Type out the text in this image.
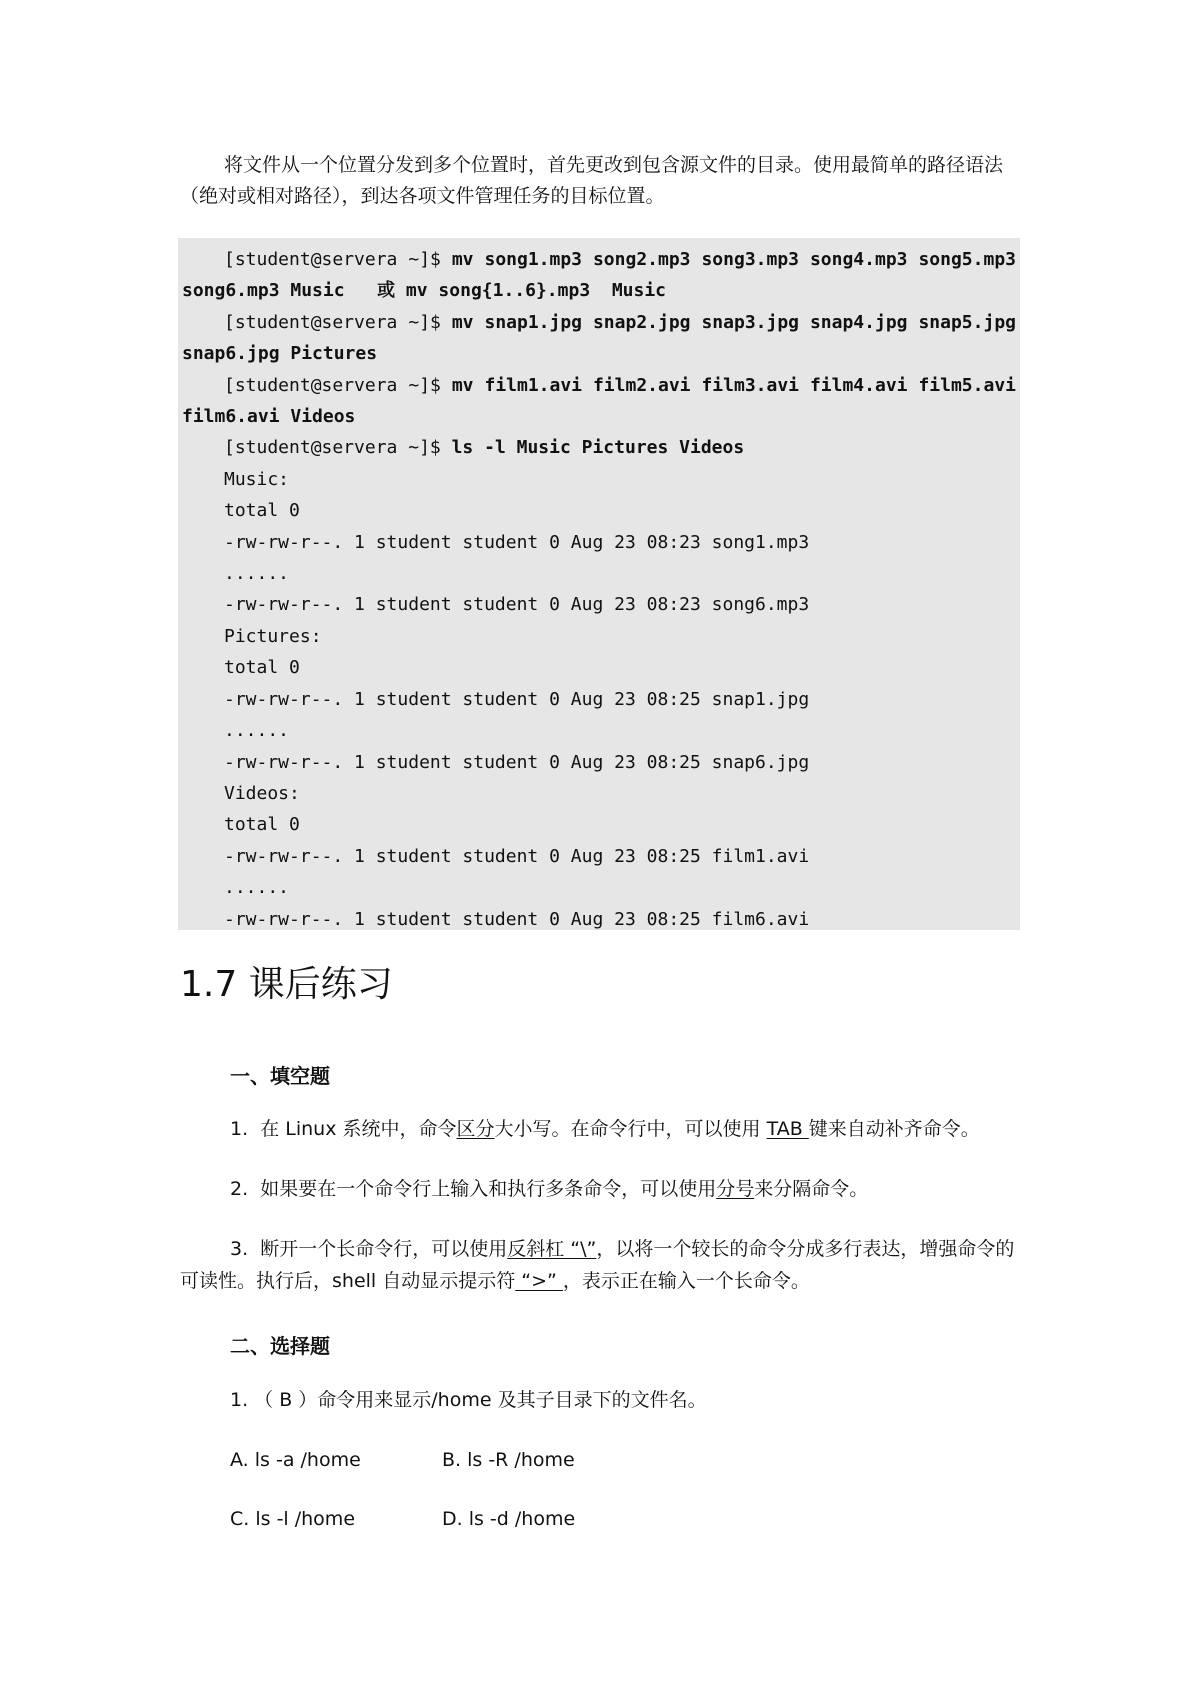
将文件从一个位置分发到多个位置时，首先更改到包含源文件的目录。使用最简单的路径语法（绝对或相对路径），到达各项文件管理任务的目标位置。

[student@servera ~]$ mv song1.mp3 song2.mp3 song3.mp3 song4.mp3 song5.mp3
song6.mp3 Music 或 mv song{1..6}.mp3  Music
[student@servera ~]$ mv snap1.jpg snap2.jpg snap3.jpg snap4.jpg snap5.jpg
snap6.jpg Pictures
[student@servera ~]$ mv film1.avi film2.avi film3.avi film4.avi film5.avi
film6.avi Videos
[student@servera ~]$ ls -l Music Pictures Videos
Music:
total 0
-rw-rw-r--. 1 student student 0 Aug 23 08:23 song1.mp3
......
-rw-rw-r--. 1 student student 0 Aug 23 08:23 song6.mp3
Pictures:
total 0
-rw-rw-r--. 1 student student 0 Aug 23 08:25 snap1.jpg
......
-rw-rw-r--. 1 student student 0 Aug 23 08:25 snap6.jpg
Videos:
total 0
-rw-rw-r--. 1 student student 0 Aug 23 08:25 film1.avi
......
-rw-rw-r--. 1 student student 0 Aug 23 08:25 film6.avi
1.7 课后练习

一、填空题

1. 在 Linux 系统中，命令区分大小写。在命令行中，可以使用 TAB 键来自动补齐命令。

2. 如果要在一个命令行上输入和执行多条命令，可以使用分号来分隔命令。

3. 断开一个长命令行，可以使用反斜杠 “\”，以将一个较长的命令分成多行表达，增强命令的可读性。执行后，shell 自动显示提示符 “>” ，表示正在输入一个长命令。

二、选择题

1. （ B ）命令用来显示/home 及其子目录下的文件名。

A. ls -a /home	B. ls -R /home

C. ls -l /home	D. ls -d /home
